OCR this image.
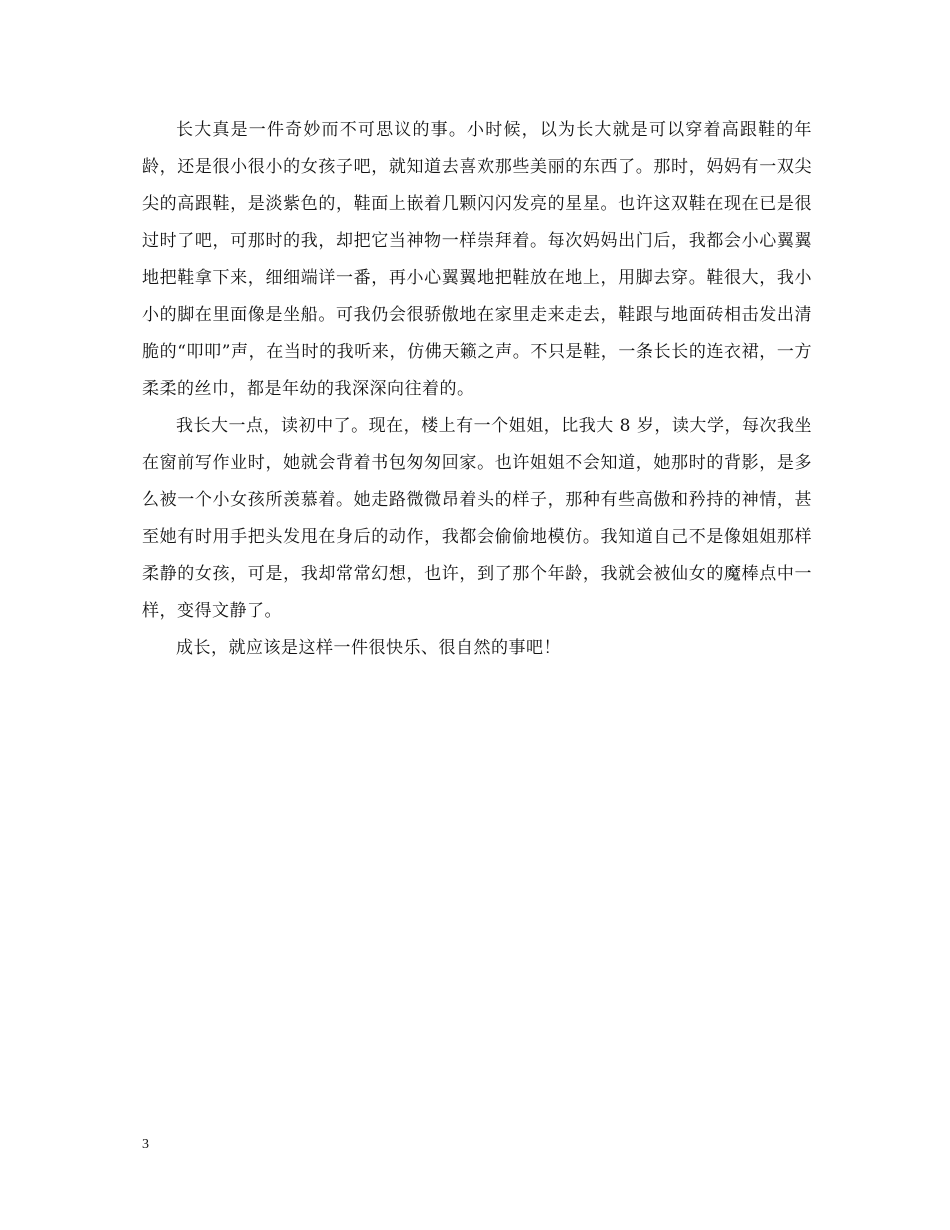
长大真是一件奇妙而不可思议的事。小时候，以为长大就是可以穿着高跟鞋的年龄，还是很小很小的女孩子吧，就知道去喜欢那些美丽的东西了。那时，妈妈有一双尖尖的高跟鞋，是淡紫色的，鞋面上嵌着几颗闪闪发亮的星星。也许这双鞋在现在已是很过时了吧，可那时的我，却把它当神物一样崇拜着。每次妈妈出门后，我都会小心翼翼地把鞋拿下来，细细端详一番，再小心翼翼地把鞋放在地上，用脚去穿。鞋很大，我小小的脚在里面像是坐船。可我仍会很骄傲地在家里走来走去，鞋跟与地面砖相击发出清脆的“叩叩”声，在当时的我听来，仿佛天籁之声。不只是鞋，一条长长的连衣裙，一方柔柔的丝巾，都是年幼的我深深向往着的。

我长大一点，读初中了。现在，楼上有一个姐姐，比我大 8 岁，读大学，每次我坐在窗前写作业时，她就会背着书包匆匆回家。也许姐姐不会知道，她那时的背影，是多么被一个小女孩所羡慕着。她走路微微昂着头的样子，那种有些高傲和矜持的神情，甚至她有时用手把头发甩在身后的动作，我都会偷偷地模仿。我知道自己不是像姐姐那样柔静的女孩，可是，我却常常幻想，也许，到了那个年龄，我就会被仙女的魔棒点中一样，变得文静了。

成长，就应该是这样一件很快乐、很自然的事吧！

3
